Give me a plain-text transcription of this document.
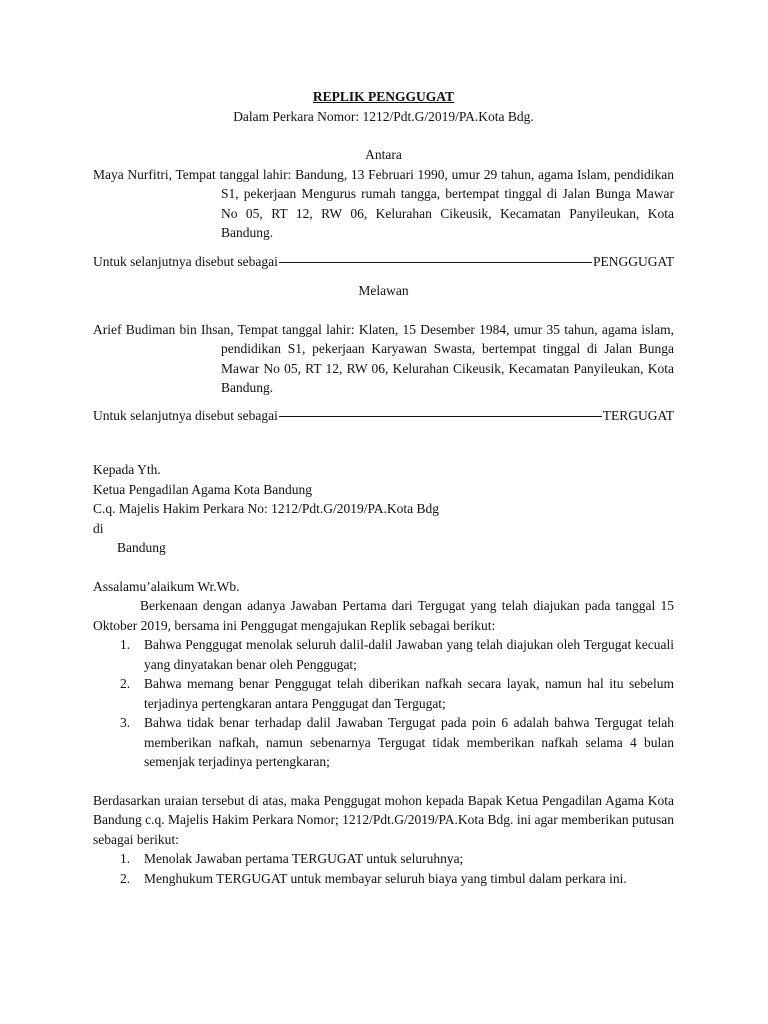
REPLIK PENGGUGAT
Dalam Perkara Nomor: 1212/Pdt.G/2019/PA.Kota Bdg.
Antara
Maya Nurfitri, Tempat tanggal lahir: Bandung, 13 Februari 1990, umur 29 tahun, agama Islam, pendidikan S1, pekerjaan Mengurus rumah tangga, bertempat tinggal di Jalan Bunga Mawar No 05, RT 12, RW 06, Kelurahan Cikeusik, Kecamatan Panyileukan, Kota Bandung.
Untuk selanjutnya disebut sebagai	PENGGUGAT
Melawan
Arief Budiman bin Ihsan, Tempat tanggal lahir: Klaten, 15 Desember 1984, umur 35 tahun, agama islam, pendidikan S1, pekerjaan Karyawan Swasta, bertempat tinggal di Jalan Bunga Mawar No 05, RT 12, RW 06, Kelurahan Cikeusik, Kecamatan Panyileukan, Kota Bandung.
Untuk selanjutnya disebut sebagai	TERGUGAT
Kepada Yth.
Ketua Pengadilan Agama Kota Bandung
C.q. Majelis Hakim Perkara No: 1212/Pdt.G/2019/PA.Kota Bdg
di
Bandung
Assalamu’alaikum Wr.Wb.
Berkenaan dengan adanya Jawaban Pertama dari Tergugat yang telah diajukan pada tanggal 15 Oktober 2019, bersama ini Penggugat mengajukan Replik sebagai berikut:
1.	Bahwa Penggugat menolak seluruh dalil-dalil Jawaban yang telah diajukan oleh Tergugat kecuali yang dinyatakan benar oleh Penggugat;
2.	Bahwa memang benar Penggugat telah diberikan nafkah secara layak, namun hal itu sebelum terjadinya pertengkaran antara Penggugat dan Tergugat;
3.	Bahwa tidak benar terhadap dalil Jawaban Tergugat pada poin 6 adalah bahwa Tergugat telah memberikan nafkah, namun sebenarnya Tergugat tidak memberikan nafkah selama 4 bulan semenjak terjadinya pertengkaran;
Berdasarkan uraian tersebut di atas, maka Penggugat mohon kepada Bapak Ketua Pengadilan Agama Kota Bandung c.q. Majelis Hakim Perkara Nomor; 1212/Pdt.G/2019/PA.Kota Bdg. ini agar memberikan putusan sebagai berikut:
1.	Menolak Jawaban pertama TERGUGAT untuk seluruhnya;
2.	Menghukum TERGUGAT untuk membayar seluruh biaya yang timbul dalam perkara ini.
